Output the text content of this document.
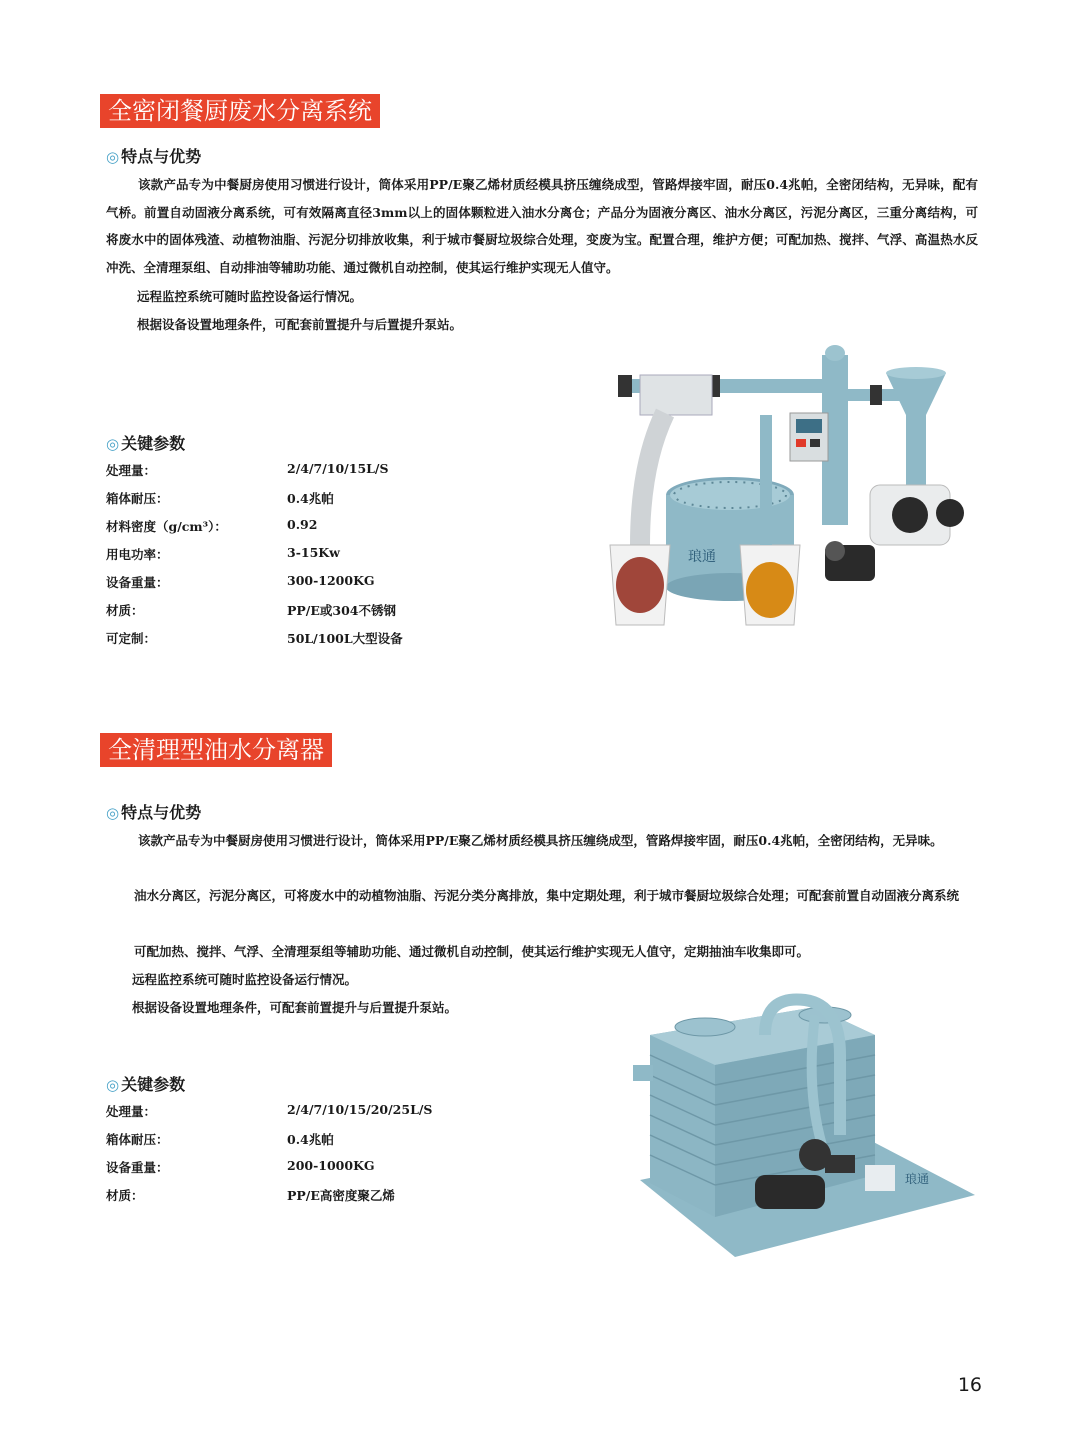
全密闭餐厨废水分离系统
◎ 特点与优势
该款产品专为中餐厨房使用习惯进行设计，筒体采用PP/E聚乙烯材质经模具挤压缠绕成型，管路焊接牢固，耐压0.4兆帕，全密闭结构，无异味，配有气桥。前置自动固液分离系统，可有效隔离直径3mm以上的固体颗粒进入油水分离仓；产品分为固液分离区、油水分离区，污泥分离区，三重分离结构，可将废水中的固体残渣、动植物油脂、污泥分切排放收集，利于城市餐厨垃圾综合处理，变废为宝。配置合理，维护方便；可配加热、搅拌、气浮、高温热水反冲洗、全清理泵组、自动排油等辅助功能、通过微机自动控制，使其运行维护实现无人值守。
远程监控系统可随时监控设备运行情况。
根据设备设置地理条件，可配套前置提升与后置提升泵站。
◎ 关键参数
处理量：	2/4/7/10/15L/S
箱体耐压：	0.4兆帕
材料密度（g/cm³）：	0.92
用电功率：	3-15Kw
设备重量：	300-1200KG
材质：	PP/E或304不锈钢
可定制：	50L/100L大型设备
琅通
全清理型油水分离器
◎ 特点与优势
该款产品专为中餐厨房使用习惯进行设计，筒体采用PP/E聚乙烯材质经模具挤压缠绕成型，管路焊接牢固，耐压0.4兆帕，全密闭结构，无异味。
油水分离区，污泥分离区，可将废水中的动植物油脂、污泥分类分离排放，集中定期处理，利于城市餐厨垃圾综合处理；可配套前置自动固液分离系统
可配加热、搅拌、气浮、全清理泵组等辅助功能、通过微机自动控制，使其运行维护实现无人值守，定期抽油车收集即可。
远程监控系统可随时监控设备运行情况。
根据设备设置地理条件，可配套前置提升与后置提升泵站。
◎ 关键参数
处理量：	2/4/7/10/15/20/25L/S
箱体耐压：	0.4兆帕
设备重量：	200-1000KG
材质：	PP/E高密度聚乙烯
琅通
16
